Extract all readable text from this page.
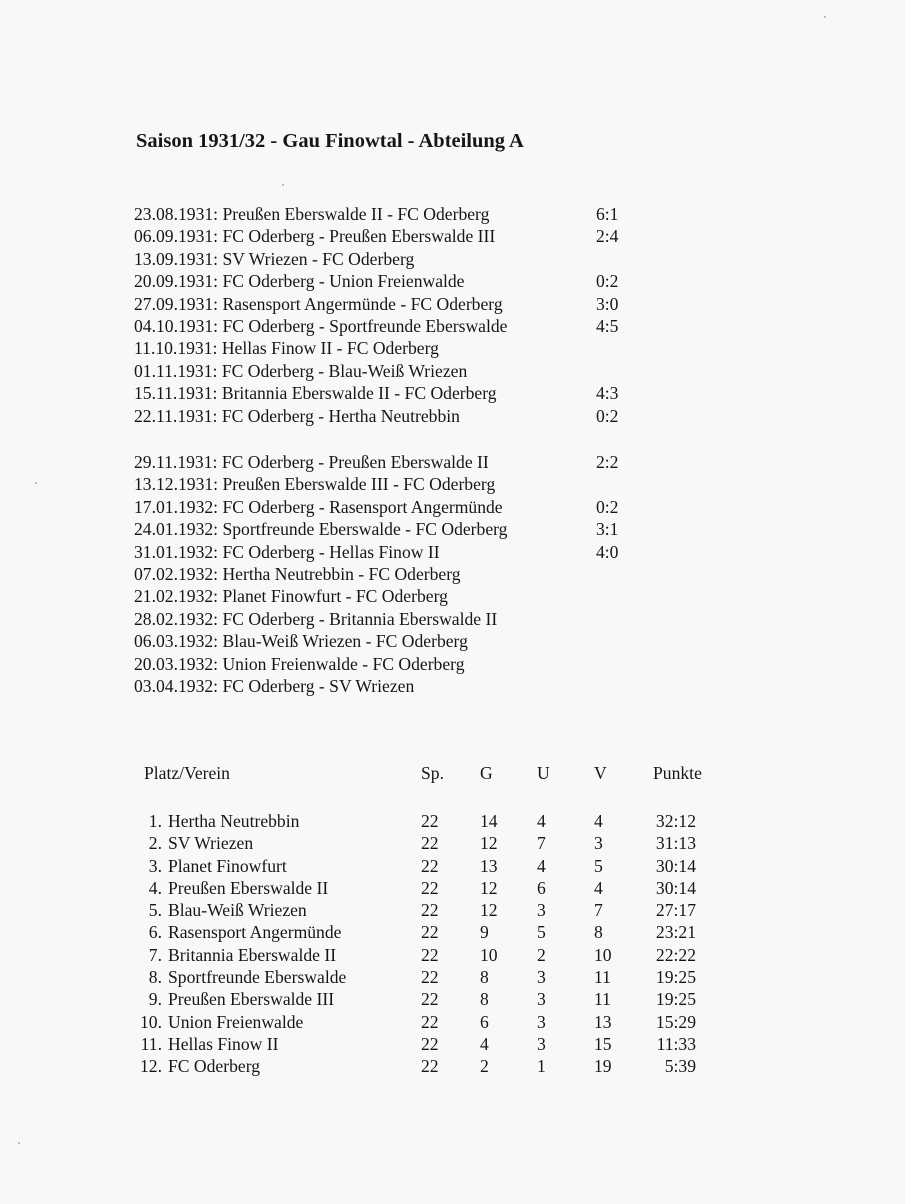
Saison 1931/32 - Gau Finowtal - Abteilung A
23.08.1931: Preußen Eberswalde II - FC Oderberg	6:1
06.09.1931: FC Oderberg - Preußen Eberswalde III	2:4
13.09.1931: SV Wriezen - FC Oderberg
20.09.1931: FC Oderberg - Union Freienwalde	0:2
27.09.1931: Rasensport Angermünde - FC Oderberg	3:0
04.10.1931: FC Oderberg - Sportfreunde Eberswalde	4:5
11.10.1931: Hellas Finow II - FC Oderberg
01.11.1931: FC Oderberg - Blau-Weiß Wriezen
15.11.1931: Britannia Eberswalde II - FC Oderberg	4:3
22.11.1931: FC Oderberg - Hertha Neutrebbin	0:2
29.11.1931: FC Oderberg - Preußen Eberswalde II	2:2
13.12.1931: Preußen Eberswalde III - FC Oderberg
17.01.1932: FC Oderberg - Rasensport Angermünde	0:2
24.01.1932: Sportfreunde Eberswalde - FC Oderberg	3:1
31.01.1932: FC Oderberg - Hellas Finow II	4:0
07.02.1932: Hertha Neutrebbin - FC Oderberg
21.02.1932: Planet Finowfurt - FC Oderberg
28.02.1932: FC Oderberg - Britannia Eberswalde II
06.03.1932: Blau-Weiß Wriezen - FC Oderberg
20.03.1932: Union Freienwalde - FC Oderberg
03.04.1932: FC Oderberg - SV Wriezen
Platz/Verein	Sp. G	U	V	Punkte
1. Hertha Neutrebbin	22 14 4	4	32:12
2. SV Wriezen	22 12 7	3	31:13
3. Planet Finowfurt	22 13 4	5	30:14
4. Preußen Eberswalde II	22 12 6	4	30:14
5. Blau-Weiß Wriezen	22 12 3	7	27:17
6. Rasensport Angermünde	22 9	5	8	23:21
7. Britannia Eberswalde II	22 10 2	10	22:22
8. Sportfreunde Eberswalde	22 8	3	11	19:25
9. Preußen Eberswalde III	22 8	3	11	19:25
10. Union Freienwalde	22 6	3	13	15:29
11. Hellas Finow II	22 4	3	15	11:33
12. FC Oderberg	22 2	1	19	5:39
